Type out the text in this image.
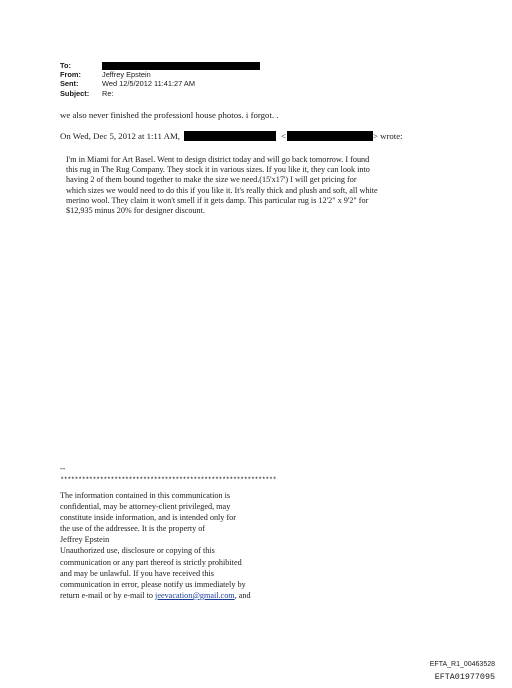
To:
From:	Jeffrey Epstein
Sent:	Wed 12/5/2012 11:41:27 AM
Subject:	Re:
we also never finished the professionl house photos. i forgot. .
On Wed, Dec 5, 2012 at 1:11 AM,	<	> wrote:
I'm in Miami for Art Basel. Went to design district today and will go back tomorrow. I found
this rug in The Rug Company. They stock it in various sizes. If you like it, they can look into
having 2 of them bound together to make the size we need.(15'x17') I will get pricing for
which sizes we would need to do this if you like it. It's really thick and plush and soft, all white
merino wool. They claim it won't smell if it gets damp. This particular rug is 12'2" x 9'2" for
$12,935 minus 20% for designer discount.
--
************************************************************
The information contained in this communication is
confidential, may be attorney-client privileged, may
constitute inside information, and is intended only for
the use of the addressee. It is the property of
Jeffrey Epstein
Unauthorized use, disclosure or copying of this
communication or any part thereof is strictly prohibited
and may be unlawful. If you have received this
communication in error, please notify us immediately by
return e-mail or by e-mail to jeevacation@gmail.com, and
EFTA_R1_00463528
EFTA01977095
